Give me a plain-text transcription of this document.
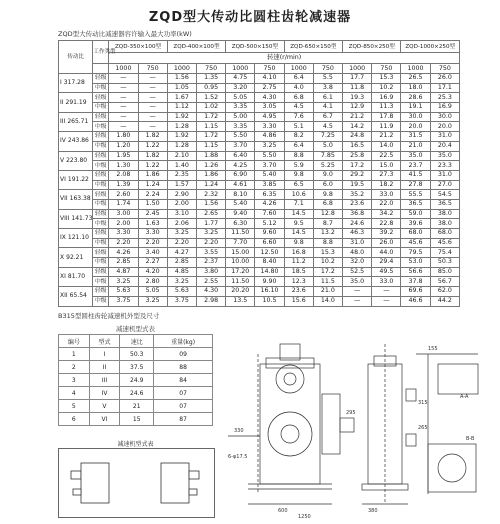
ZQD型大传动比圆柱齿轮减速器
ZQD型大传动比减速器容许输入最大功率(kW)
传动比	工作类型	ZQD-350×100型		ZQD-400×100型		ZQD-500×150型		ZQD-650×150型		ZQD-850×250型		ZQD-1000×250型	
		转速(r/min)											
		1000	750	1000	750	1000	750	1000	750	1000	750	1000	750
I 317.28	轻级	—	—	1.56	1.35	4.75	4.10	6.4	5.5	17.7	15.3	26.5	26.0
	中级	—	—	1.05	0.95	3.20	2.75	4.0	3.8	11.8	10.2	18.0	17.1
II 291.19	轻级	—	—	1.67	1.52	5.05	4.30	6.8	6.1	19.3	16.9	28.6	25.3
	中级	—	—	1.12	1.02	3.35	3.05	4.5	4.1	12.9	11.3	19.1	16.9
III 265.71	轻级	—	—	1.92	1.72	5.00	4.95	7.6	6.7	21.2	17.8	30.0	30.0
	中级	—	—	1.28	1.15	3.35	3.30	5.1	4.5	14.2	11.9	20.0	20.0
IV 243.86	轻级	1.80	1.82	1.92	1.72	5.50	4.86	8.2	7.25	24.8	21.2	31.5	31.0
	中级	1.20	1.22	1.28	1.15	3.70	3.25	6.4	5.0	16.5	14.0	21.0	20.4
V 223.80	轻级	1.95	1.82	2.10	1.88	6.40	5.50	8.8	7.85	25.8	22.5	35.0	35.0
	中级	1.30	1.22	1.40	1.26	4.25	3.70	5.9	5.25	17.2	15.0	23.7	23.3
VI 191.22	轻级	2.08	1.86	2.35	1.86	6.90	5.40	9.8	9.0	29.2	27.3	41.5	31.0
	中级	1.39	1.24	1.57	1.24	4.61	3.85	6.5	6.0	19.5	18.2	27.8	27.0
VII 163.38	轻级	2.60	2.24	2.90	2.32	8.10	6.35	10.6	9.8	35.2	33.0	55.5	54.5
	中级	1.74	1.50	2.00	1.56	5.40	4.26	7.1	6.8	23.6	22.0	36.5	36.5
VIII 141.73	轻级	3.00	2.45	3.10	2.65	9.40	7.60	14.5	12.8	36.8	34.2	59.0	38.0
	中级	2.00	1.63	2.06	1.77	6.30	5.12	9.5	8.7	24.6	22.8	39.6	38.0
IX 121.10	轻级	3.30	3.30	3.25	3.25	11.50	9.60	14.5	13.2	46.3	39.2	68.0	68.0
	中级	2.20	2.20	2.20	2.20	7.70	6.60	9.8	8.8	31.0	26.0	45.6	45.6
X 92.21	轻级	4.26	3.40	4.27	3.55	15.00	12.50	16.8	15.3	48.0	44.0	79.5	75.4
	中级	2.85	2.27	2.85	2.37	10.00	8.40	11.2	10.2	32.0	29.4	53.0	50.3
XI 81.70	轻级	4.87	4.20	4.85	3.80	17.20	14.80	18.5	17.2	52.5	49.5	56.6	85.0
	中级	3.25	2.80	3.25	2.55	11.50	9.90	12.3	11.5	35.0	33.0	37.8	56.7
XII 65.54	轻级	5.63	5.05	5.63	4.30	20.20	16.10	23.6	21.0	—	—	69.6	62.0
	中级	3.75	3.25	3.75	2.98	13.5	10.5	15.6	14.0	—	—	46.6	44.2
B315型圆柱齿轮减速机外型及尺寸
减速机型式表
编号	型式	速比	重量(kg)
1	I	50.3	09
2	II	37.5	88
3	III	24.9	84
4	IV	24.6	07
5	V	21	07
6	VI	15	87
减速机型式表
600
1250
155
380
330
295
315
265
A-A
B-B
6-φ17.5
